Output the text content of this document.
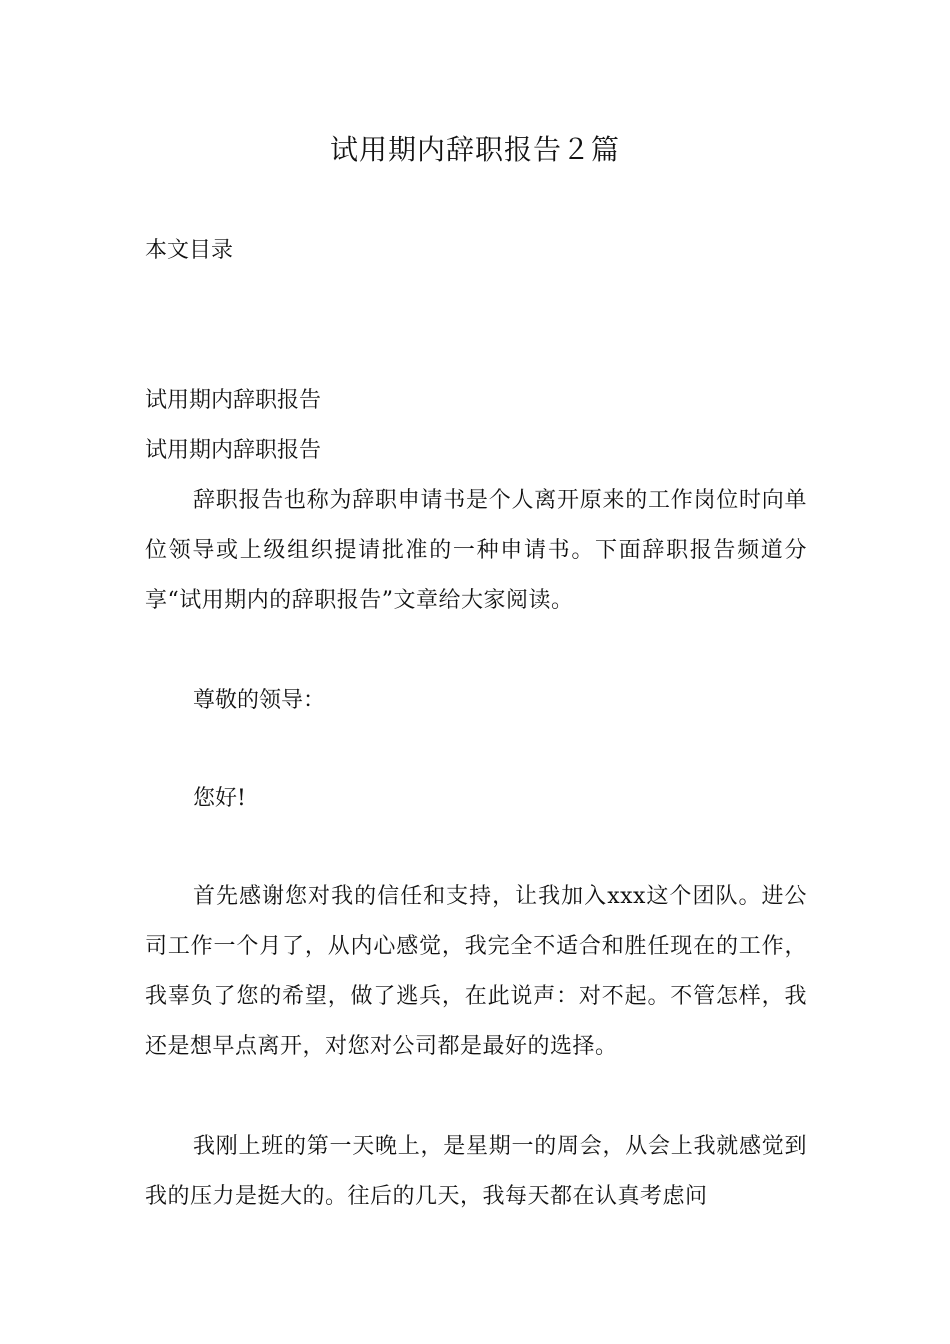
试用期内辞职报告２篇
本文目录
试用期内辞职报告
试用期内辞职报告
辞职报告也称为辞职申请书是个人离开原来的工作岗位时向单位领导或上级组织提请批准的一种申请书。下面辞职报告频道分享“试用期内的辞职报告”文章给大家阅读。
尊敬的领导：
您好!
首先感谢您对我的信任和支持，让我加入xxx这个团队。进公司工作一个月了，从内心感觉，我完全不适合和胜任现在的工作，我辜负了您的希望，做了逃兵，在此说声：对不起。不管怎样，我还是想早点离开，对您对公司都是最好的选择。
我刚上班的第一天晚上，是星期一的周会，从会上我就感觉到我的压力是挺大的。往后的几天，我每天都在认真考虑问
